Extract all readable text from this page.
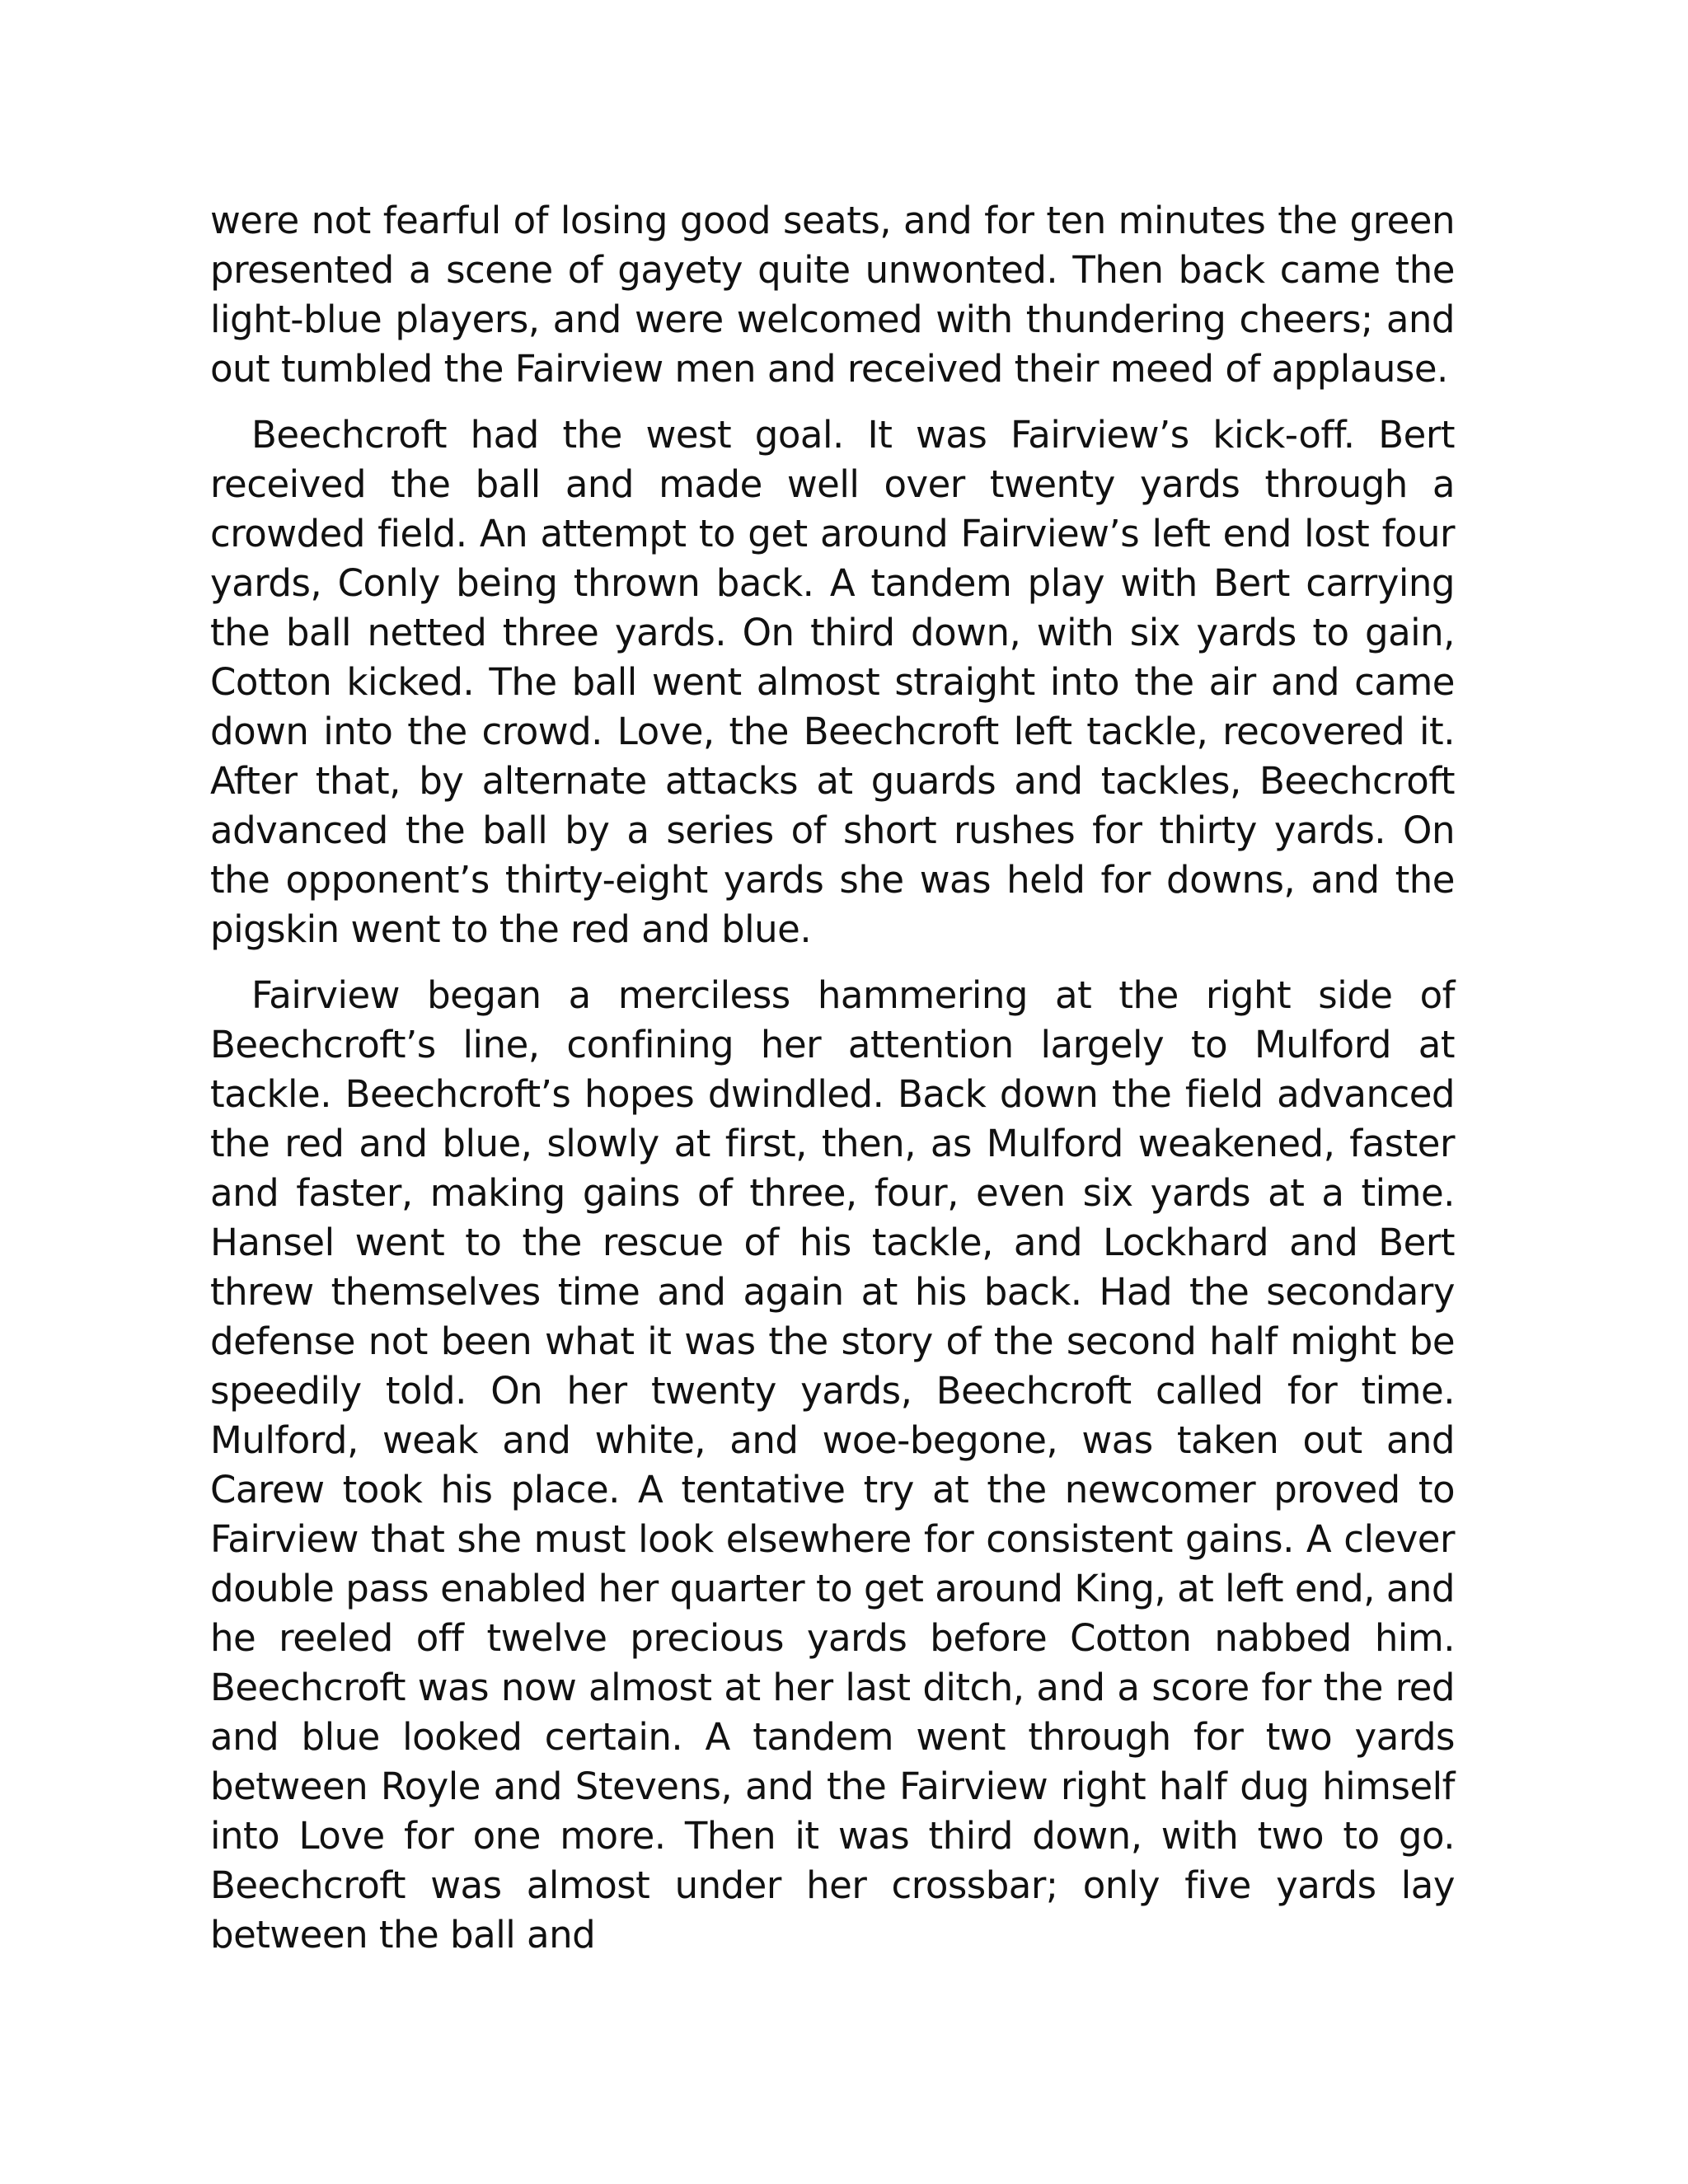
were not fearful of losing good seats, and for ten minutes the green presented a scene of gayety quite unwonted. Then back came the light-blue players, and were welcomed with thundering cheers; and out tumbled the Fairview men and received their meed of applause.

Beechcroft had the west goal. It was Fairview’s kick-off. Bert received the ball and made well over twenty yards through a crowded field. An attempt to get around Fairview’s left end lost four yards, Conly being thrown back. A tandem play with Bert carrying the ball netted three yards. On third down, with six yards to gain, Cotton kicked. The ball went almost straight into the air and came down into the crowd. Love, the Beechcroft left tackle, recovered it. After that, by alternate attacks at guards and tackles, Beechcroft advanced the ball by a series of short rushes for thirty yards. On the opponent’s thirty-eight yards she was held for downs, and the pigskin went to the red and blue.

Fairview began a merciless hammering at the right side of Beechcroft’s line, confining her attention largely to Mulford at tackle. Beechcroft’s hopes dwindled. Back down the field advanced the red and blue, slowly at first, then, as Mulford weakened, faster and faster, making gains of three, four, even six yards at a time. Hansel went to the rescue of his tackle, and Lockhard and Bert threw themselves time and again at his back. Had the secondary defense not been what it was the story of the second half might be speedily told. On her twenty yards, Beechcroft called for time. Mulford, weak and white, and woe-begone, was taken out and Carew took his place. A tentative try at the newcomer proved to Fairview that she must look elsewhere for consistent gains. A clever double pass enabled her quarter to get around King, at left end, and he reeled off twelve precious yards before Cotton nabbed him. Beechcroft was now almost at her last ditch, and a score for the red and blue looked certain. A tandem went through for two yards between Royle and Stevens, and the Fairview right half dug himself into Love for one more. Then it was third down, with two to go. Beechcroft was almost under her crossbar; only five yards lay between the ball and
